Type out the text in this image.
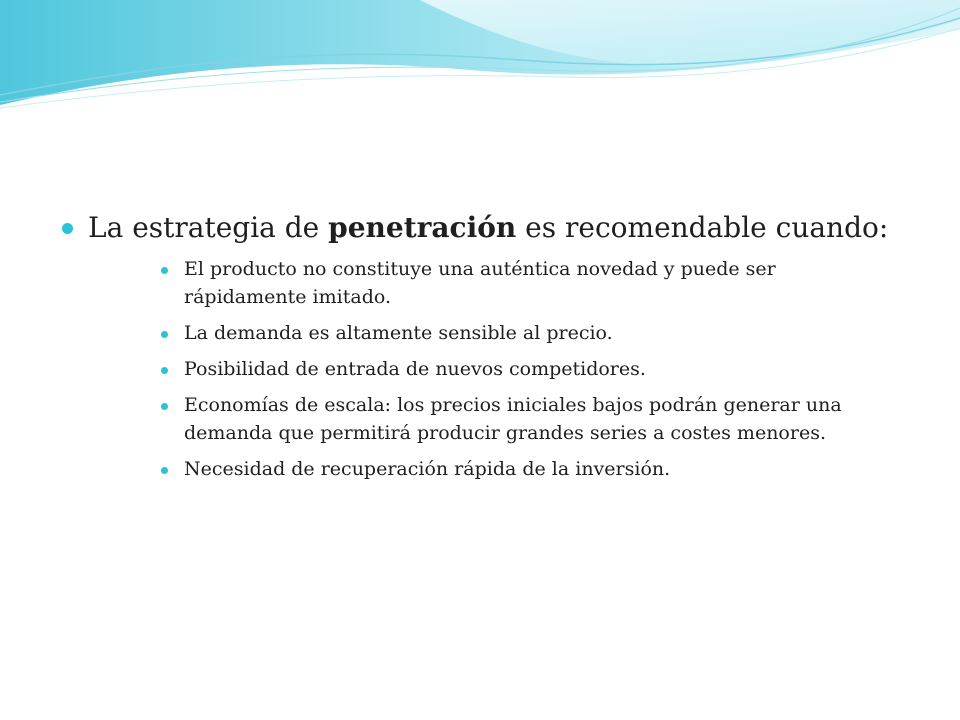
La estrategia de penetración es recomendable cuando:
El producto no constituye una auténtica novedad y puede ser rápidamente imitado.
La demanda es altamente sensible al precio.
Posibilidad de entrada de nuevos competidores.
Economías de escala: los precios iniciales bajos podrán generar una demanda que permitirá producir grandes series a costes menores.
Necesidad de recuperación rápida de la inversión.
